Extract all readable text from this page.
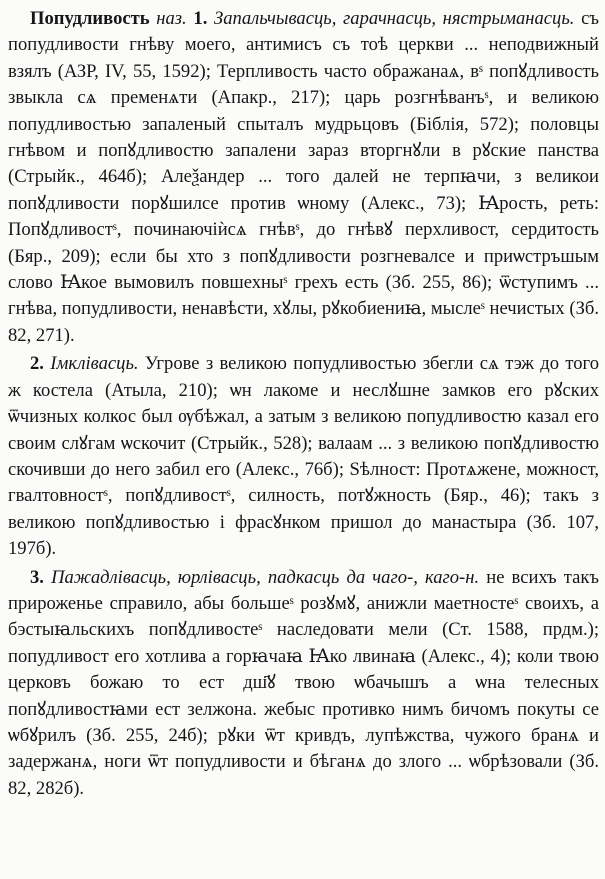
Попудливость наз. 1. Запальчывасць, гарачнасць, нястрыманасць. съ попудливости гнѣву моего, антимисъ съ тоѣ церкви ... неподвижный взялъ (АЗР, IV, 55, 1592); Терпливость часто ображанаѧ, вˢ попꙋдливость звыкла сѧ пременѧти (Апакр., 217); царь розгнѣванъˢ, и великою попудливостью запаленый спыталъ мудрьцовъ (Біблія, 572); половцы гнѣвом и попꙋдливостю запалени зараз вторгнꙋли в рꙋские панства (Стрыйк., 464б); Алеѯандер ... того далей не терпꙗчи, з великои попꙋдливости порꙋшилсе против ѡному (Алекс., 73); Ꙗрость, реть: Попꙋдливостˢ, починаючіѝсѧ гнѣвˢ, до гнѣвꙋ перхливост, сердитость (Бяр., 209); если бы хто з попꙋдливости розгневалсе и приѡстръшым слово Ꙗкое вымовилъ повшехныˢ грехъ есть (Зб. 255, 86); ѿступимъ ... гнѣва, попудливости, ненавѣсти, хꙋлы, рꙋкобиениꙗ, мыслеˢ нечистых (Зб. 82, 271).

2. Імклівасць. Угрове з великою попудливостью збегли сѧ тэж до того ж костела (Атыла, 210); ѡн лакоме и неслꙋшне замков его рꙋских ѿчизных колкос был ѹбѣжал, а затым з великою попудливостю казал его своим слꙋгам ѡскочит (Стрыйк., 528); валаам ... з великою попꙋдливостю скочивши до него забил его (Алекс., 76б); Ѕѣлност: Протѧжене, можност, гвалтовностˢ, попꙋдливостˢ, силность, потꙋжность (Бяр., 46); такъ з великою попꙋдливостью і фрасꙋнком пришол до манастыра (Зб. 107, 197б).

3. Пажадлівасць, юрлівасць, падкасць да чаго-, каго-н. не всихъ такъ прироженье справило, абы большеˢ розꙋмꙋ, анижли маетностеˢ своихъ, а бэстыꙗльскихъ попꙋдливостеˢ наследовати мели (Ст. 1588, прдм.); попудливост его хотлива а горꙗчаꙗ Ꙗко лвинаꙗ (Алекс., 4); коли твою церковъ божаю то ест дш҃ꙋ твою ѡбачышъ а ѡна телесных попꙋдливостꙗми ест зелжона. жебыс противко нимъ бичомъ покуты се ѡбꙋрилъ (Зб. 255, 24б); рꙋки ѿт кривдъ, лупѣжства, чужого бранѧ и задержанѧ, ноги ѿт попудливости и бѣганѧ до злого ... ѡбрѣзовали (Зб. 82, 282б).
